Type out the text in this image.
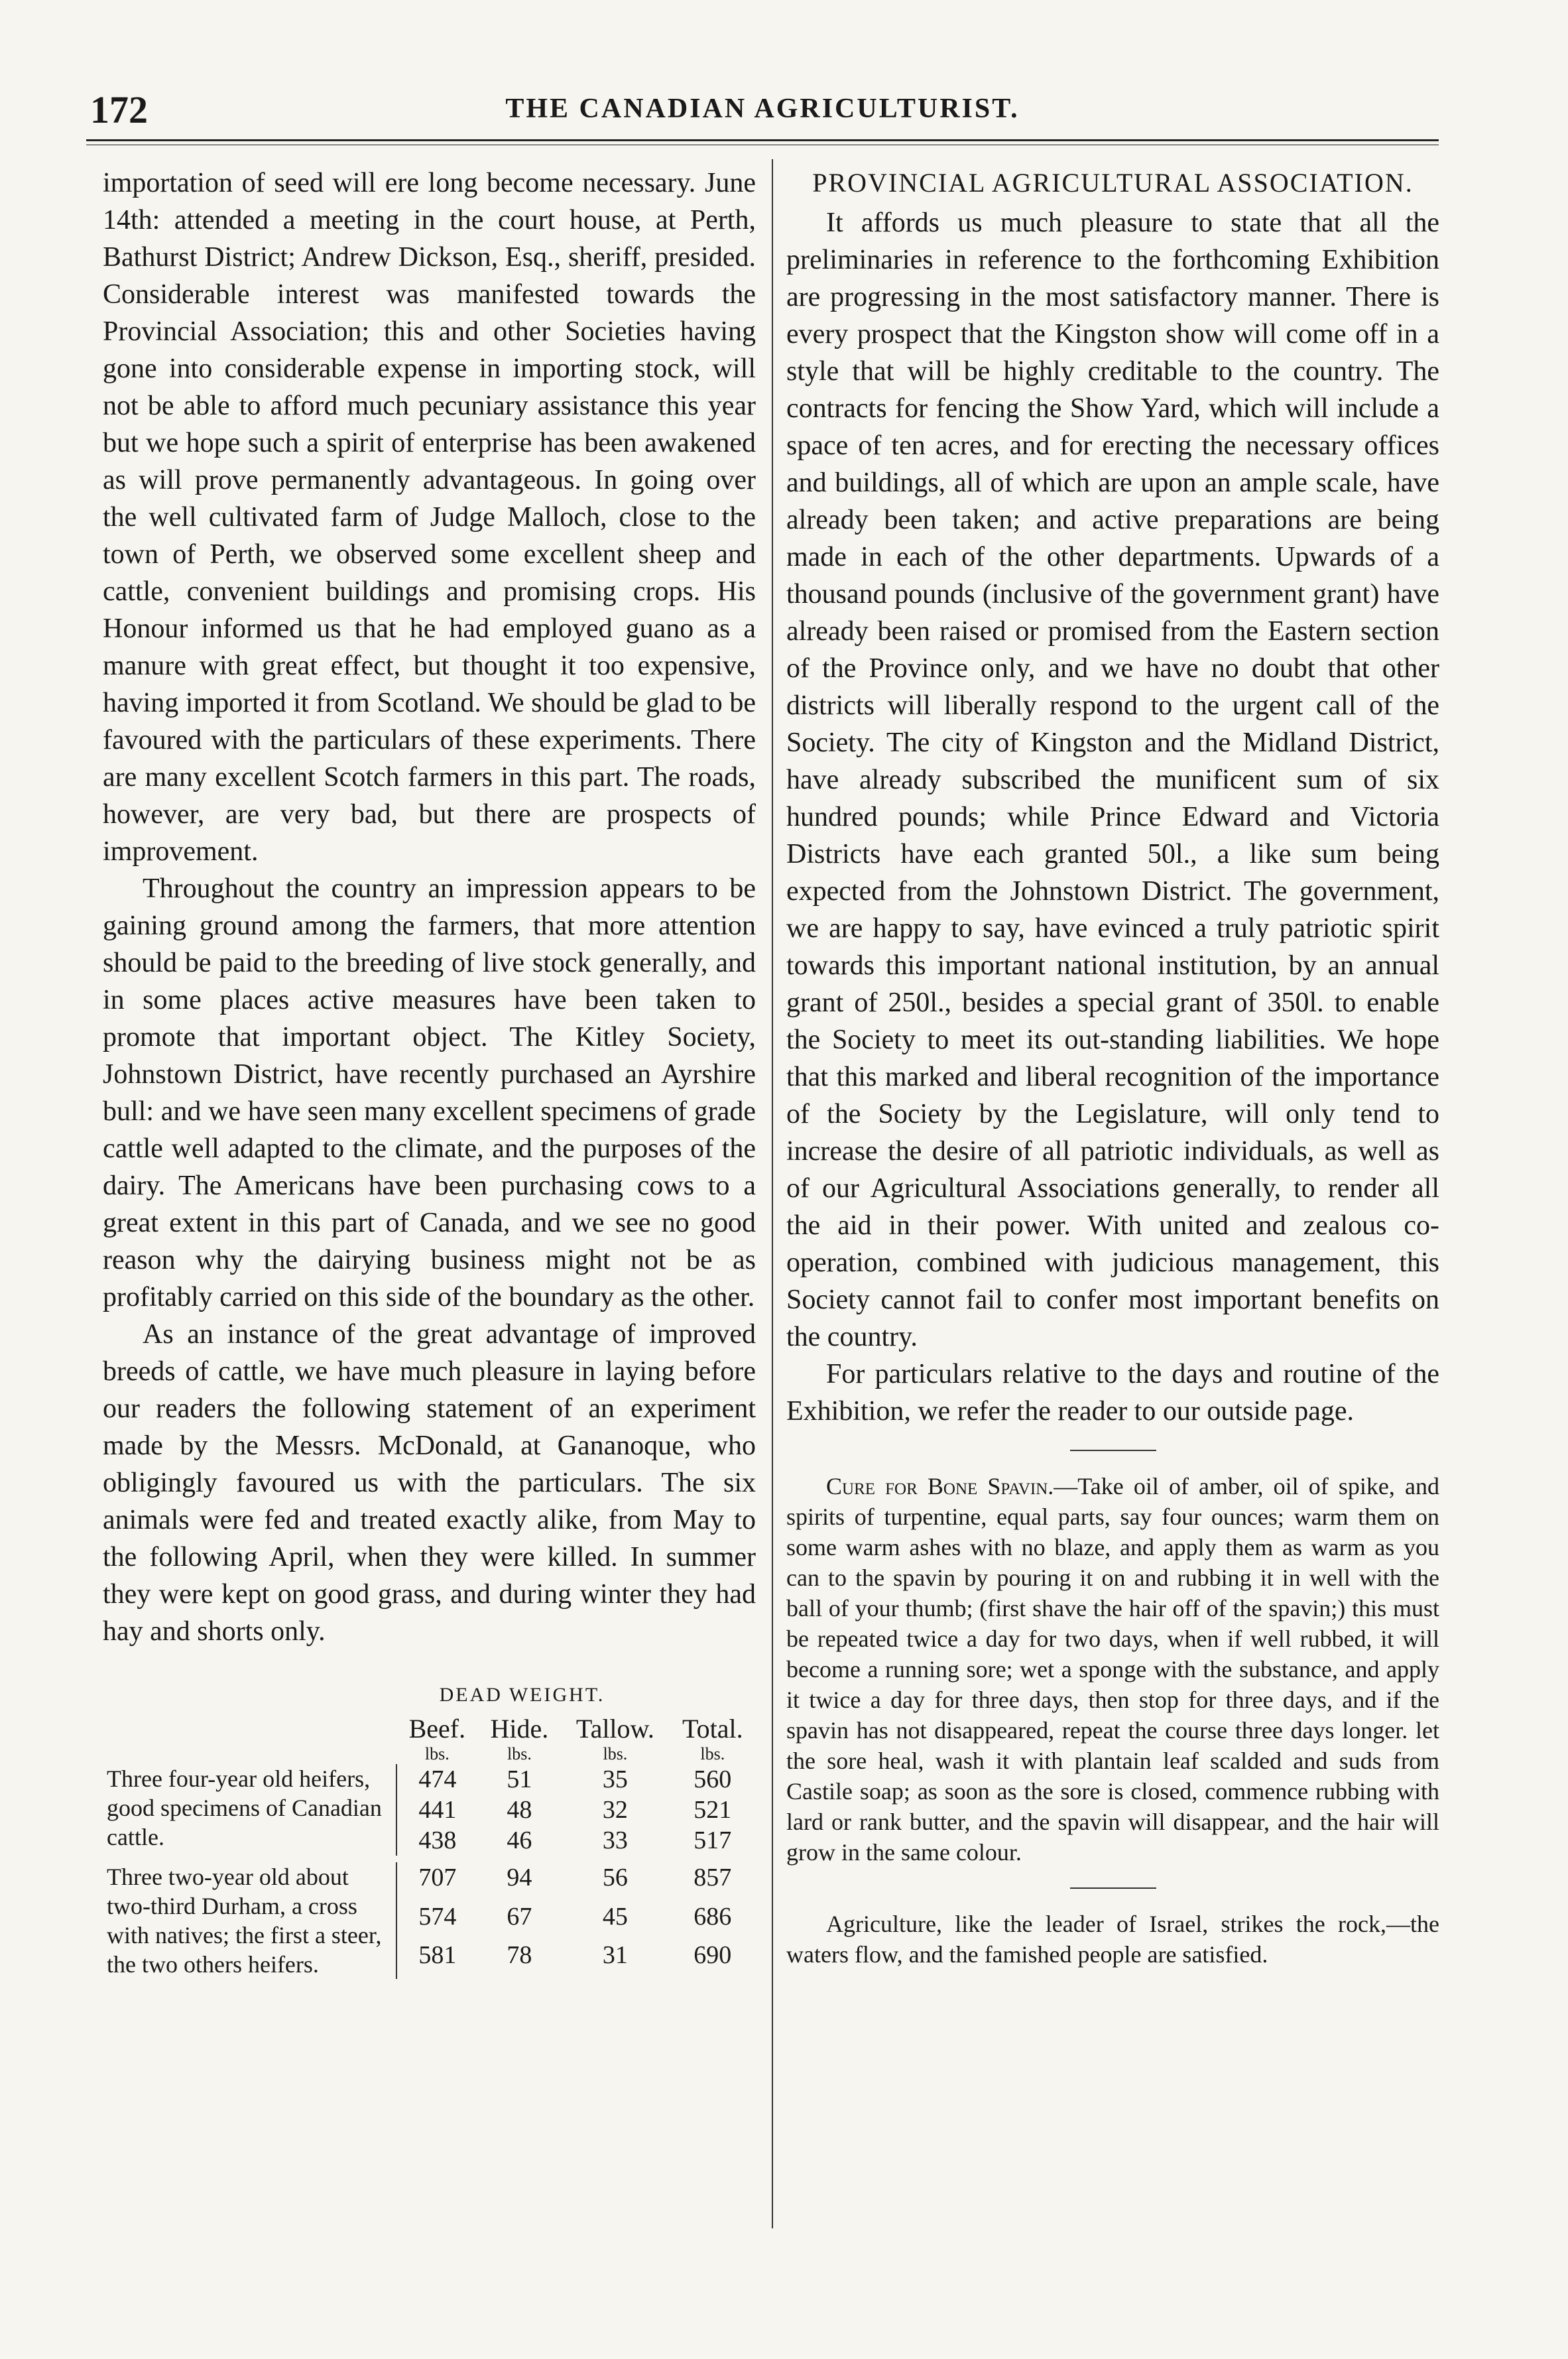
172	THE CANADIAN AGRICULTURIST.

importation of seed will ere long become necessary. June 14th: attended a meeting in the court house, at Perth, Bathurst District; Andrew Dickson, Esq., sheriff, presided. Considerable interest was manifested towards the Provincial Association; this and other Societies having gone into considerable expense in importing stock, will not be able to afford much pecuniary assistance this year but we hope such a spirit of enterprise has been awakened as will prove permanently advantageous. In going over the well cultivated farm of Judge Malloch, close to the town of Perth, we observed some excellent sheep and cattle, convenient buildings and promising crops. His Honour informed us that he had employed guano as a manure with great effect, but thought it too expensive, having imported it from Scotland. We should be glad to be favoured with the particulars of these experiments. There are many excellent Scotch farmers in this part. The roads, however, are very bad, but there are prospects of improvement.

Throughout the country an impression appears to be gaining ground among the farmers, that more attention should be paid to the breeding of live stock generally, and in some places active measures have been taken to promote that important object. The Kitley Society, Johnstown District, have recently purchased an Ayrshire bull: and we have seen many excellent specimens of grade cattle well adapted to the climate, and the purposes of the dairy. The Americans have been purchasing cows to a great extent in this part of Canada, and we see no good reason why the dairying business might not be as profitably carried on this side of the boundary as the other.

As an instance of the great advantage of improved breeds of cattle, we have much pleasure in laying before our readers the following statement of an experiment made by the Messrs. McDonald, at Gananoque, who obligingly favoured us with the particulars. The six animals were fed and treated exactly alike, from May to the following April, when they were killed. In summer they were kept on good grass, and during winter they had hay and shorts only.

DEAD WEIGHT.
	Beef.	Hide.	Tallow.	Total.
	lbs.	lbs.	lbs.	lbs.
Three four-year old heifers, good specimens of Canadian cattle.	474	51	35	560
	441	48	32	521
	438	46	33	517

Three two-year old about two-third Durham, a cross with natives; the first a steer, the two others heifers.	707	94	56	857
	574	67	45	686
	581	78	31	690
PROVINCIAL AGRICULTURAL ASSOCIATION.

It affords us much pleasure to state that all the preliminaries in reference to the forthcoming Exhibition are progressing in the most satisfactory manner. There is every prospect that the Kingston show will come off in a style that will be highly creditable to the country. The contracts for fencing the Show Yard, which will include a space of ten acres, and for erecting the necessary offices and buildings, all of which are upon an ample scale, have already been taken; and active preparations are being made in each of the other departments. Upwards of a thousand pounds (inclusive of the government grant) have already been raised or promised from the Eastern section of the Province only, and we have no doubt that other districts will liberally respond to the urgent call of the Society. The city of Kingston and the Midland District, have already subscribed the munificent sum of six hundred pounds; while Prince Edward and Victoria Districts have each granted 50l., a like sum being expected from the Johnstown District. The government, we are happy to say, have evinced a truly patriotic spirit towards this important national institution, by an annual grant of 250l., besides a special grant of 350l. to enable the Society to meet its out-standing liabilities. We hope that this marked and liberal recognition of the importance of the Society by the Legislature, will only tend to increase the desire of all patriotic individuals, as well as of our Agricultural Associations generally, to render all the aid in their power. With united and zealous co-operation, combined with judicious management, this Society cannot fail to confer most important benefits on the country.

For particulars relative to the days and routine of the Exhibition, we refer the reader to our outside page.

Cure for Bone Spavin.—Take oil of amber, oil of spike, and spirits of turpentine, equal parts, say four ounces; warm them on some warm ashes with no blaze, and apply them as warm as you can to the spavin by pouring it on and rubbing it in well with the ball of your thumb; (first shave the hair off of the spavin;) this must be repeated twice a day for two days, when if well rubbed, it will become a running sore; wet a sponge with the substance, and apply it twice a day for three days, then stop for three days, and if the spavin has not disappeared, repeat the course three days longer. let the sore heal, wash it with plantain leaf scalded and suds from Castile soap; as soon as the sore is closed, commence rubbing with lard or rank butter, and the spavin will disappear, and the hair will grow in the same colour.

Agriculture, like the leader of Israel, strikes the rock,—the waters flow, and the famished people are satisfied.
